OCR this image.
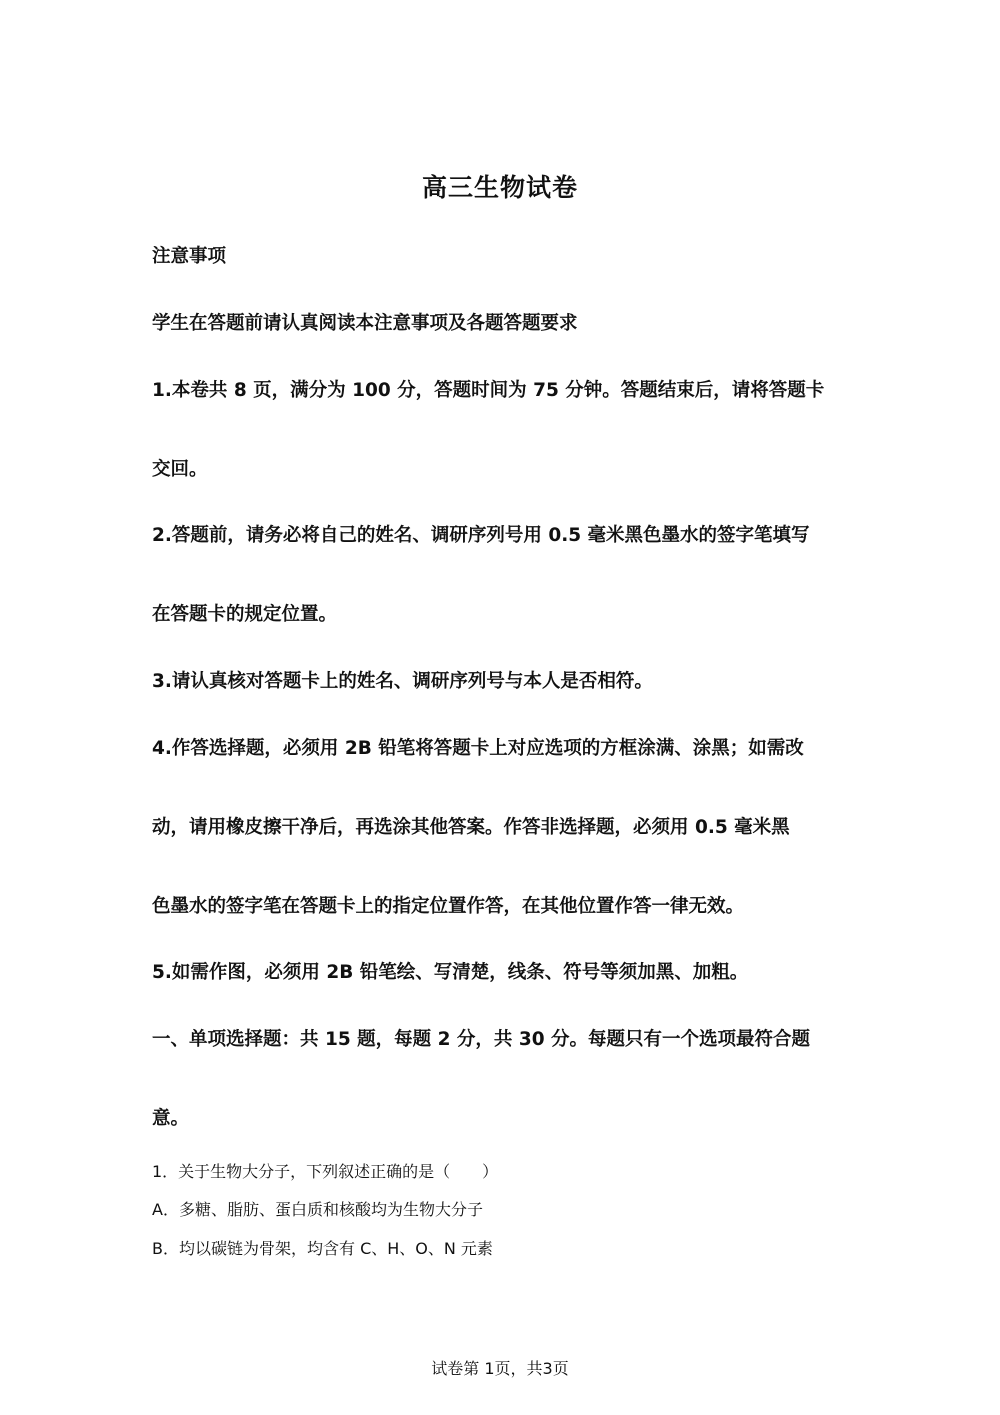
高三生物试卷
注意事项
学生在答题前请认真阅读本注意事项及各题答题要求
1.本卷共 8 页，满分为 100 分，答题时间为 75 分钟。答题结束后，请将答题卡
交回。
2.答题前，请务必将自己的姓名、调研序列号用 0.5 毫米黑色墨水的签字笔填写
在答题卡的规定位置。
3.请认真核对答题卡上的姓名、调研序列号与本人是否相符。
4.作答选择题，必须用 2B 铅笔将答题卡上对应选项的方框涂满、涂黑；如需改
动，请用橡皮擦干净后，再选涂其他答案。作答非选择题，必须用 0.5 毫米黑
色墨水的签字笔在答题卡上的指定位置作答，在其他位置作答一律无效。
5.如需作图，必须用 2B 铅笔绘、写清楚，线条、符号等须加黑、加粗。
一、单项选择题：共 15 题，每题 2 分，共 30 分。每题只有一个选项最符合题
意。
1．关于生物大分子，下列叙述正确的是（　　）
A．多糖、脂肪、蛋白质和核酸均为生物大分子
B．均以碳链为骨架，均含有 C、H、O、N 元素
试卷第 1页，共3页
